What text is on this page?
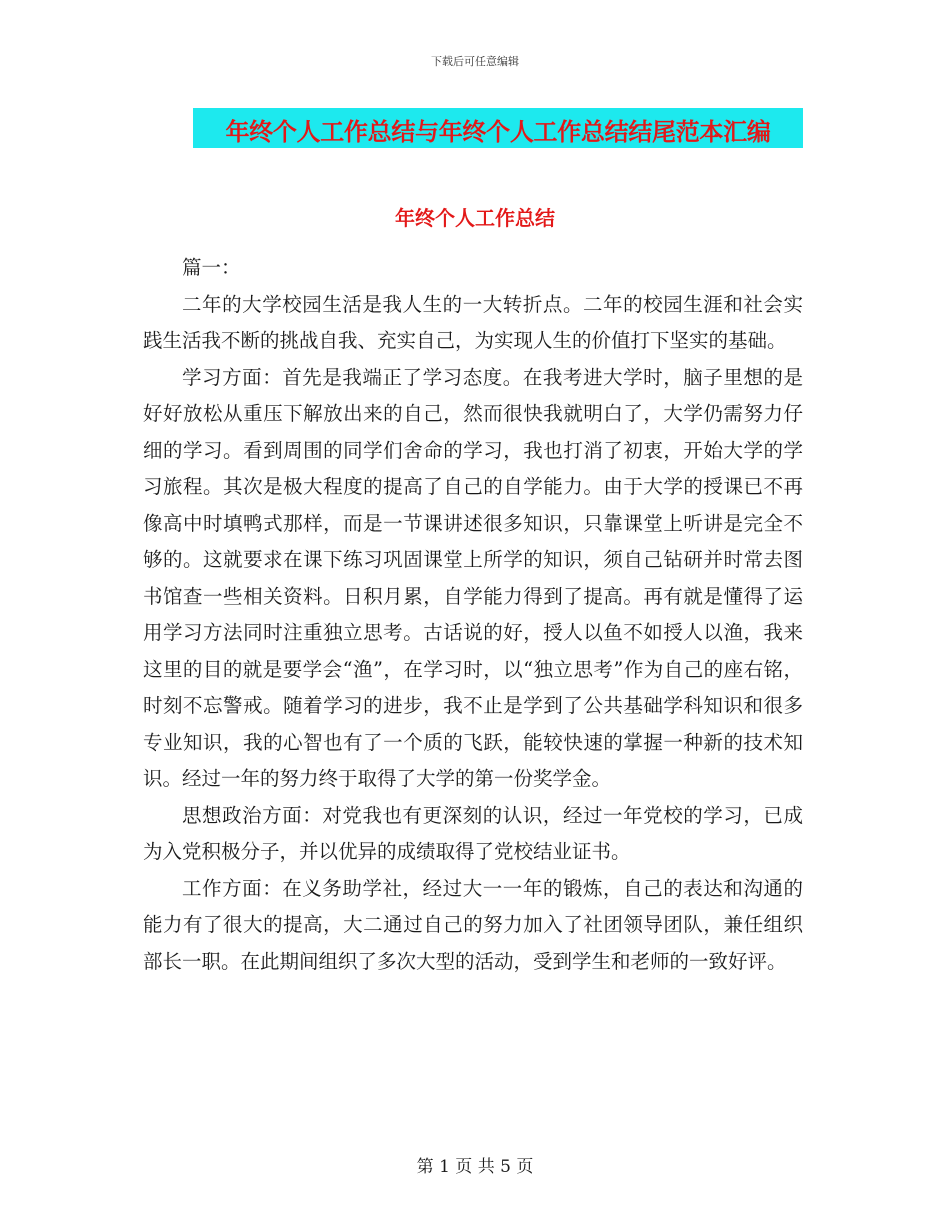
下载后可任意编辑
年终个人工作总结与年终个人工作总结结尾范本汇编
年终个人工作总结

篇一：

二年的大学校园生活是我人生的一大转折点。二年的校园生涯和社会实践生活我不断的挑战自我、充实自己，为实现人生的价值打下坚实的基础。

学习方面：首先是我端正了学习态度。在我考进大学时，脑子里想的是好好放松从重压下解放出来的自己，然而很快我就明白了，大学仍需努力仔细的学习。看到周围的同学们舍命的学习，我也打消了初衷，开始大学的学习旅程。其次是极大程度的提高了自己的自学能力。由于大学的授课已不再像高中时填鸭式那样，而是一节课讲述很多知识，只靠课堂上听讲是完全不够的。这就要求在课下练习巩固课堂上所学的知识，须自己钻研并时常去图书馆查一些相关资料。日积月累，自学能力得到了提高。再有就是懂得了运用学习方法同时注重独立思考。古话说的好，授人以鱼不如授人以渔，我来这里的目的就是要学会“渔”，在学习时，以“独立思考”作为自己的座右铭，时刻不忘警戒。随着学习的进步，我不止是学到了公共基础学科知识和很多专业知识，我的心智也有了一个质的飞跃，能较快速的掌握一种新的技术知识。经过一年的努力终于取得了大学的第一份奖学金。

思想政治方面：对党我也有更深刻的认识，经过一年党校的学习，已成为入党积极分子，并以优异的成绩取得了党校结业证书。

工作方面：在义务助学社，经过大一一年的锻炼，自己的表达和沟通的能力有了很大的提高，大二通过自己的努力加入了社团领导团队，兼任组织部长一职。在此期间组织了多次大型的活动，受到学生和老师的一致好评。

第 1 页 共 5 页
